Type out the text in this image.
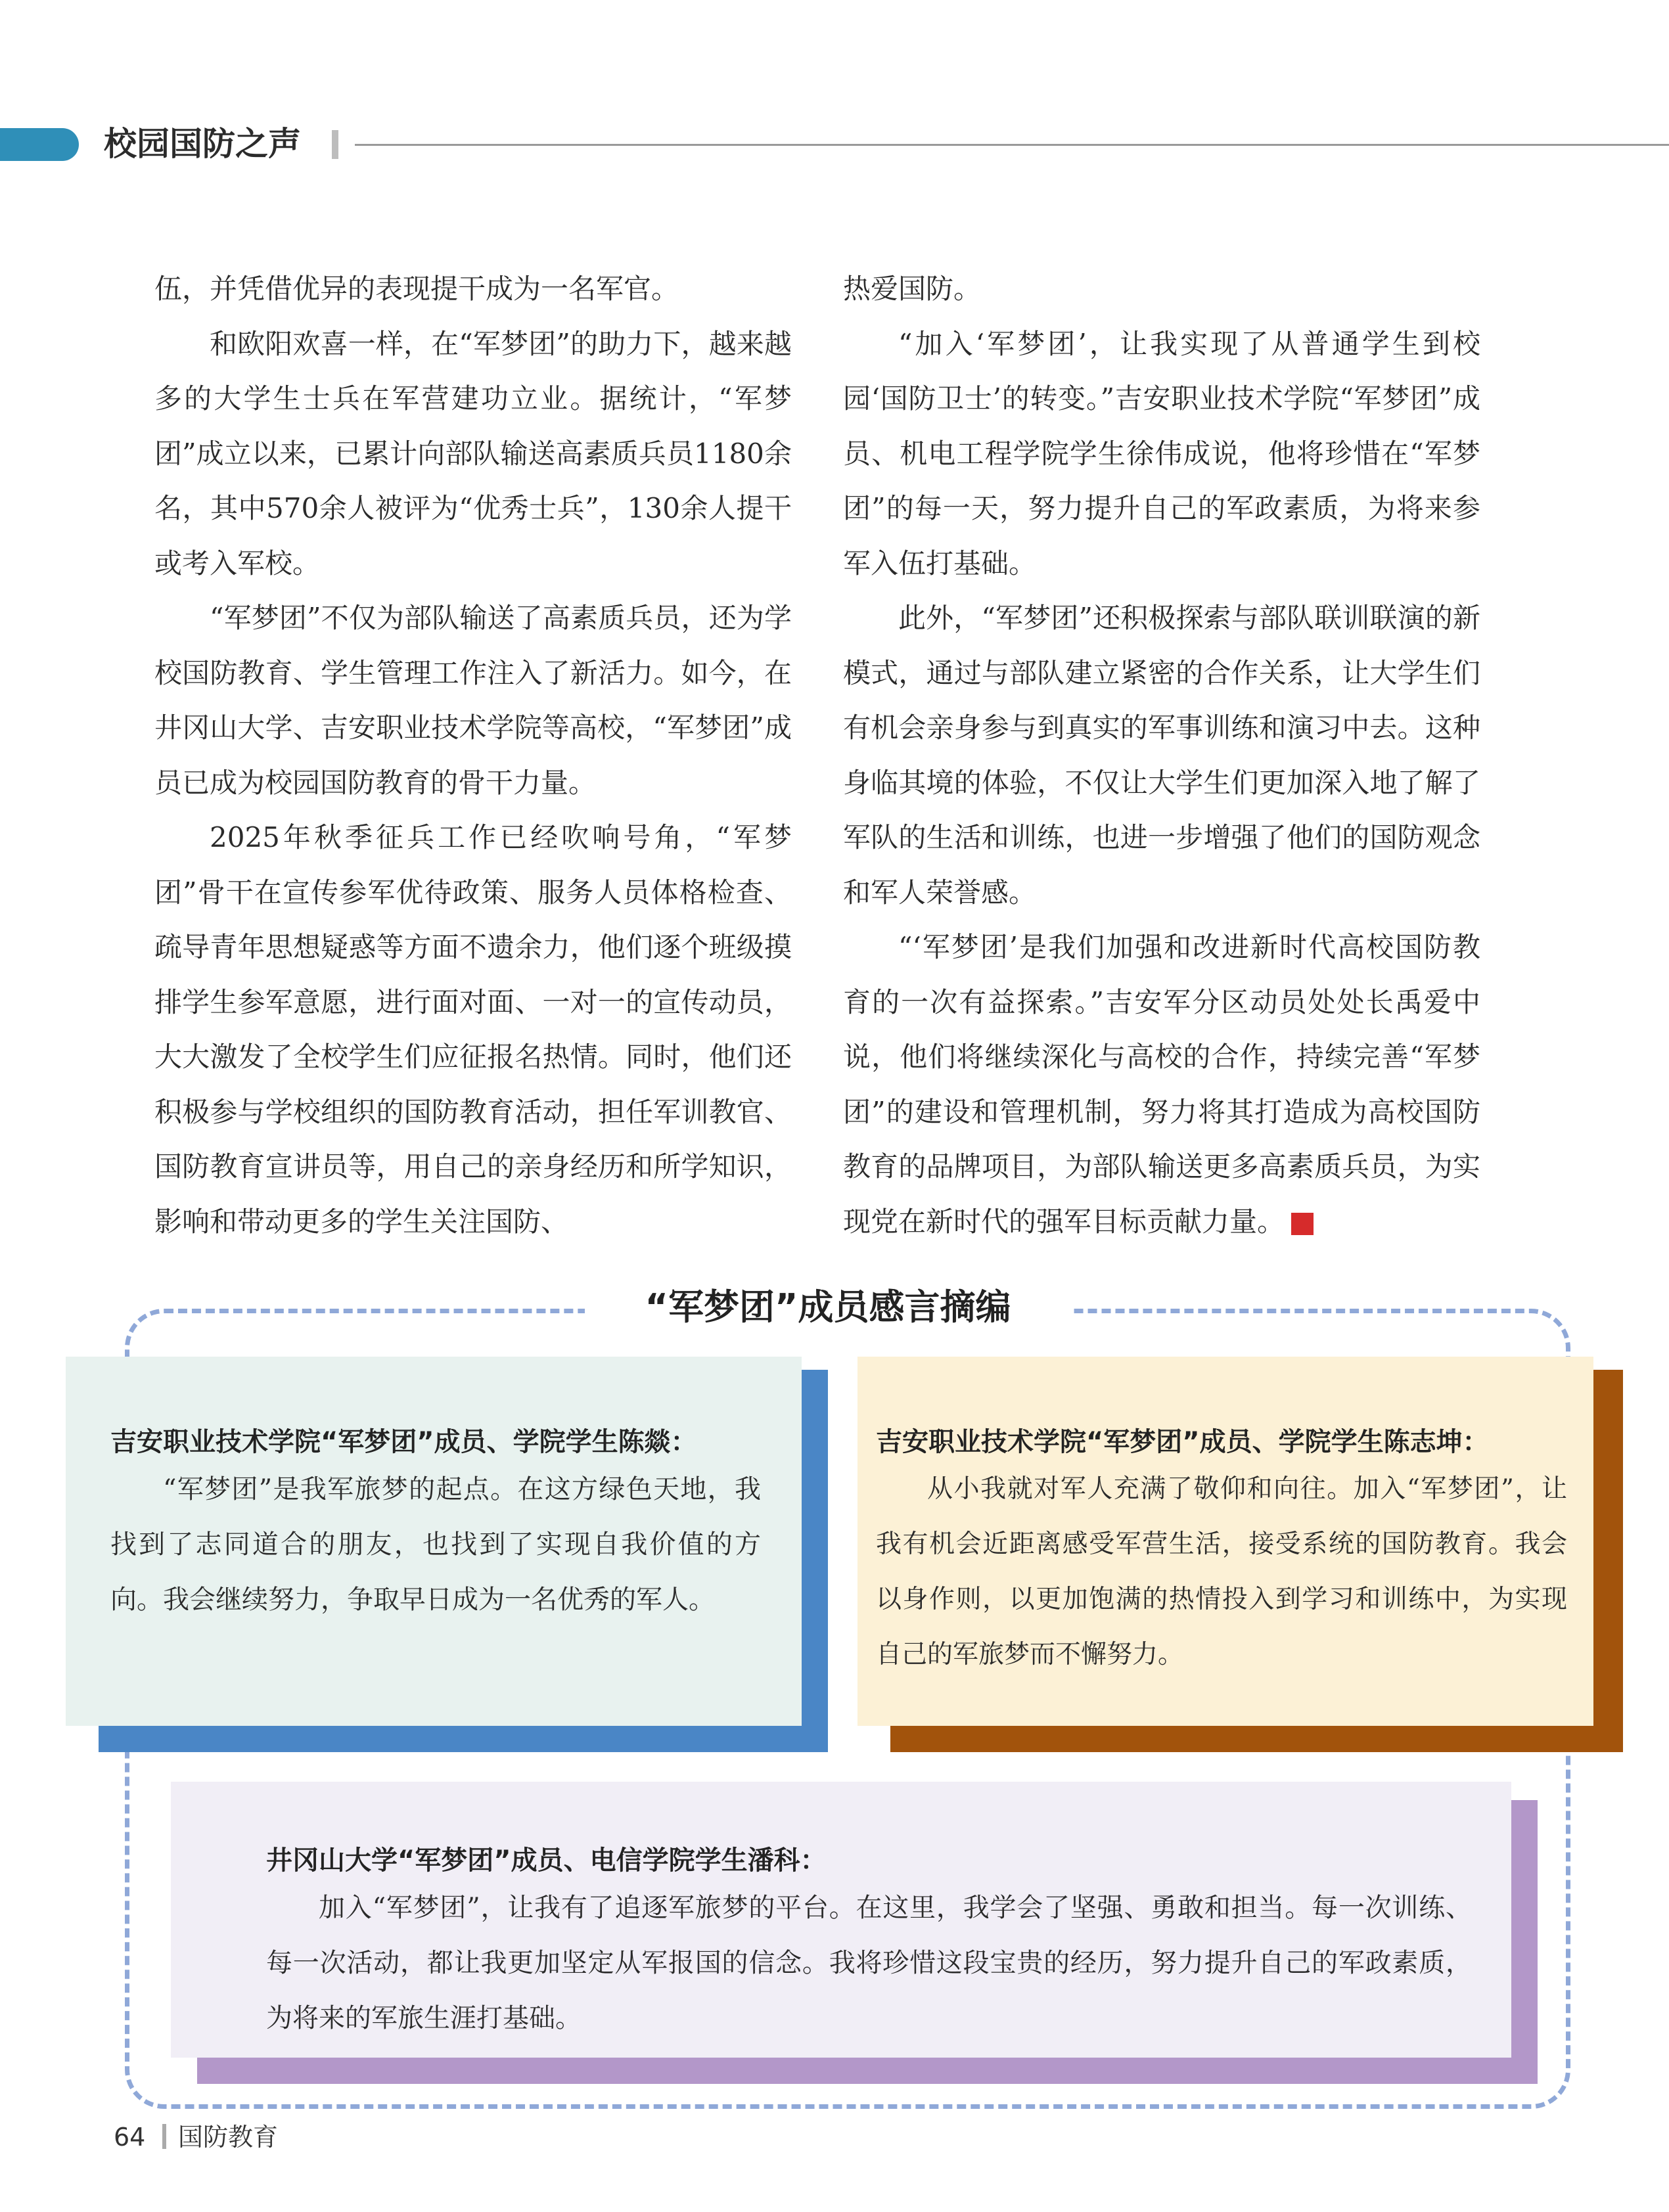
校园国防之声

伍，并凭借优异的表现提干成为一名军官。

和欧阳欢喜一样，在“军梦团”的助力下，越来越多的大学生士兵在军营建功立业。据统计，“军梦团”成立以来，已累计向部队输送高素质兵员1180余名，其中570余人被评为“优秀士兵”，130余人提干或考入军校。

“军梦团”不仅为部队输送了高素质兵员，还为学校国防教育、学生管理工作注入了新活力。如今，在井冈山大学、吉安职业技术学院等高校，“军梦团”成员已成为校园国防教育的骨干力量。

2025年秋季征兵工作已经吹响号角，“军梦团”骨干在宣传参军优待政策、服务人员体格检查、疏导青年思想疑惑等方面不遗余力，他们逐个班级摸排学生参军意愿，进行面对面、一对一的宣传动员，大大激发了全校学生们应征报名热情。同时，他们还积极参与学校组织的国防教育活动，担任军训教官、国防教育宣讲员等，用自己的亲身经历和所学知识，影响和带动更多的学生关注国防、

热爱国防。

“加入‘军梦团’，让我实现了从普通学生到校园‘国防卫士’的转变。”吉安职业技术学院“军梦团”成员、机电工程学院学生徐伟成说，他将珍惜在“军梦团”的每一天，努力提升自己的军政素质，为将来参军入伍打基础。

此外，“军梦团”还积极探索与部队联训联演的新模式，通过与部队建立紧密的合作关系，让大学生们有机会亲身参与到真实的军事训练和演习中去。这种身临其境的体验，不仅让大学生们更加深入地了解了军队的生活和训练，也进一步增强了他们的国防观念和军人荣誉感。

“‘军梦团’是我们加强和改进新时代高校国防教育的一次有益探索。”吉安军分区动员处处长禹爱中说，他们将继续深化与高校的合作，持续完善“军梦团”的建设和管理机制，努力将其打造成为高校国防教育的品牌项目，为部队输送更多高素质兵员，为实现党在新时代的强军目标贡献力量。	G

“军梦团”成员感言摘编

吉安职业技术学院“军梦团”成员、学院学生陈燚：

“军梦团”是我军旅梦的起点。在这方绿色天地，我找到了志同道合的朋友，也找到了实现自我价值的方向。我会继续努力，争取早日成为一名优秀的军人。

吉安职业技术学院“军梦团”成员、学院学生陈志坤：

从小我就对军人充满了敬仰和向往。加入“军梦团”，让我有机会近距离感受军营生活，接受系统的国防教育。我会以身作则，以更加饱满的热情投入到学习和训练中，为实现自己的军旅梦而不懈努力。

井冈山大学“军梦团”成员、电信学院学生潘科：

加入“军梦团”，让我有了追逐军旅梦的平台。在这里，我学会了坚强、勇敢和担当。每一次训练、每一次活动，都让我更加坚定从军报国的信念。我将珍惜这段宝贵的经历，努力提升自己的军政素质，为将来的军旅生涯打基础。

64 国防教育
